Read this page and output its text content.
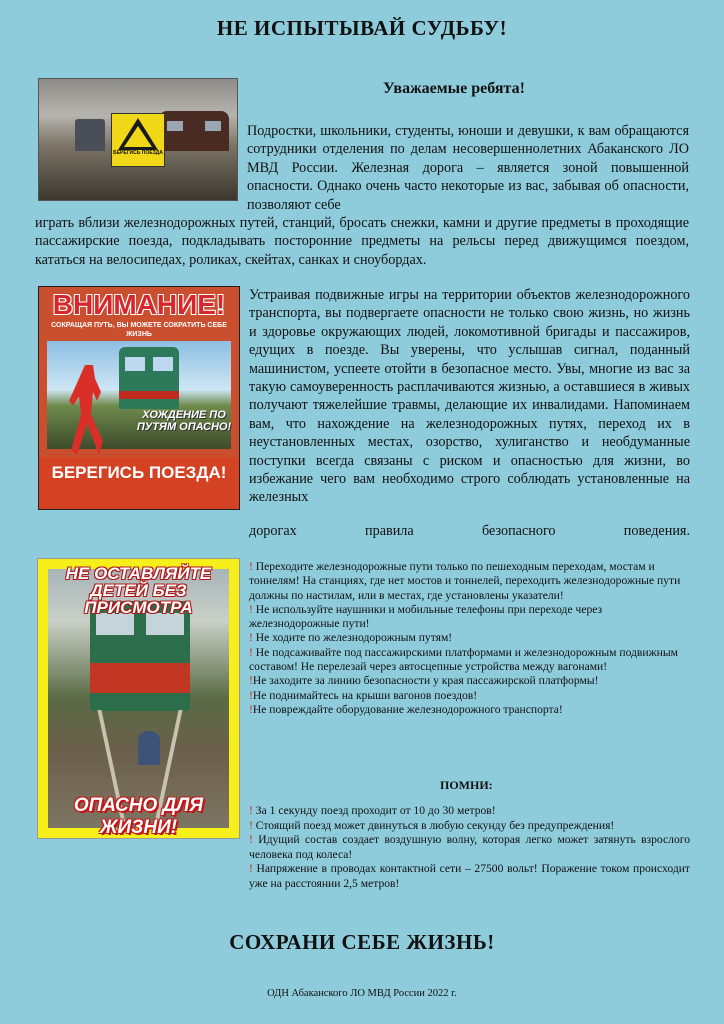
НЕ ИСПЫТЫВАЙ СУДЬБУ!
БЕРЕГИСЬ ПОЕЗДА
Уважаемые ребята!
Подростки, школьники, студенты, юноши и девушки, к вам обращаются сотрудники отделения по делам несовершеннолетних Абаканского ЛО МВД России. Железная дорога – является зоной повышенной опасности. Однако очень часто некоторые из вас, забывая об опасности, позволяют себе
играть вблизи железнодорожных путей, станций, бросать снежки, камни и другие предметы в проходящие пассажирские поезда, подкладывать посторонние предметы на рельсы перед движущимся поездом, кататься на велосипедах, роликах, скейтах, санках и сноубордах.
ВНИМАНИЕ!
СОКРАЩАЯ ПУТЬ, ВЫ МОЖЕТЕ СОКРАТИТЬ СЕБЕ ЖИЗНЬ
ХОЖДЕНИЕ ПО ПУТЯМ ОПАСНО!
БЕРЕГИСЬ ПОЕЗДА!
Устраивая подвижные игры на территории объектов железнодорожного транспорта, вы подвергаете опасности не только свою жизнь, но жизнь и здоровье окружающих людей, локомотивной бригады и пассажиров, едущих в поезде. Вы уверены, что услышав сигнал, поданный машинистом, успеете отойти в безопасное место. Увы, многие из вас за такую самоуверенность расплачиваются жизнью, а оставшиеся в живых получают тяжелейшие травмы, делающие их инвалидами. Напоминаем вам, что нахождение на железнодорожных путях, переход их в неустановленных местах, озорство, хулиганство и необдуманные поступки всегда связаны с риском и опасностью для жизни, во избежание чего вам необходимо строго соблюдать установленные на железных
дорогах правила безопасного поведения.
НЕ ОСТАВЛЯЙТЕ ДЕТЕЙ БЕЗ ПРИСМОТРА
ОПАСНО ДЛЯ ЖИЗНИ!

! Переходите железнодорожные пути только по пешеходным переходам, мостам и тоннелям! На станциях, где нет мостов и тоннелей, переходить железнодорожные пути должны по настилам, или в местах, где установлены указатели!

! Не используйте наушники и мобильные телефоны при переходе через железнодорожные пути!

! Не ходите по железнодорожным путям!

! Не подсаживайте под пассажирскими платформами и железнодорожным подвижным составом! Не перелезай через автосцепные устройства между вагонами!

!Не заходите за линию безопасности у края пассажирской платформы!

!Не поднимайтесь на крыши вагонов поездов!

!Не повреждайте оборудование железнодорожного транспорта!

ПОМНИ:

! За 1 секунду поезд проходит от 10 до 30 метров!

! Стоящий поезд может двинуться в любую секунду без предупреждения!

! Идущий состав создает воздушную волну, которая легко может затянуть взрослого человека под колеса!

! Напряжение в проводах контактной сети – 27500 вольт! Поражение током происходит уже на расстоянии 2,5 метров!

СОХРАНИ СЕБЕ ЖИЗНЬ!
ОДН Абаканского ЛО МВД России 2022 г.
